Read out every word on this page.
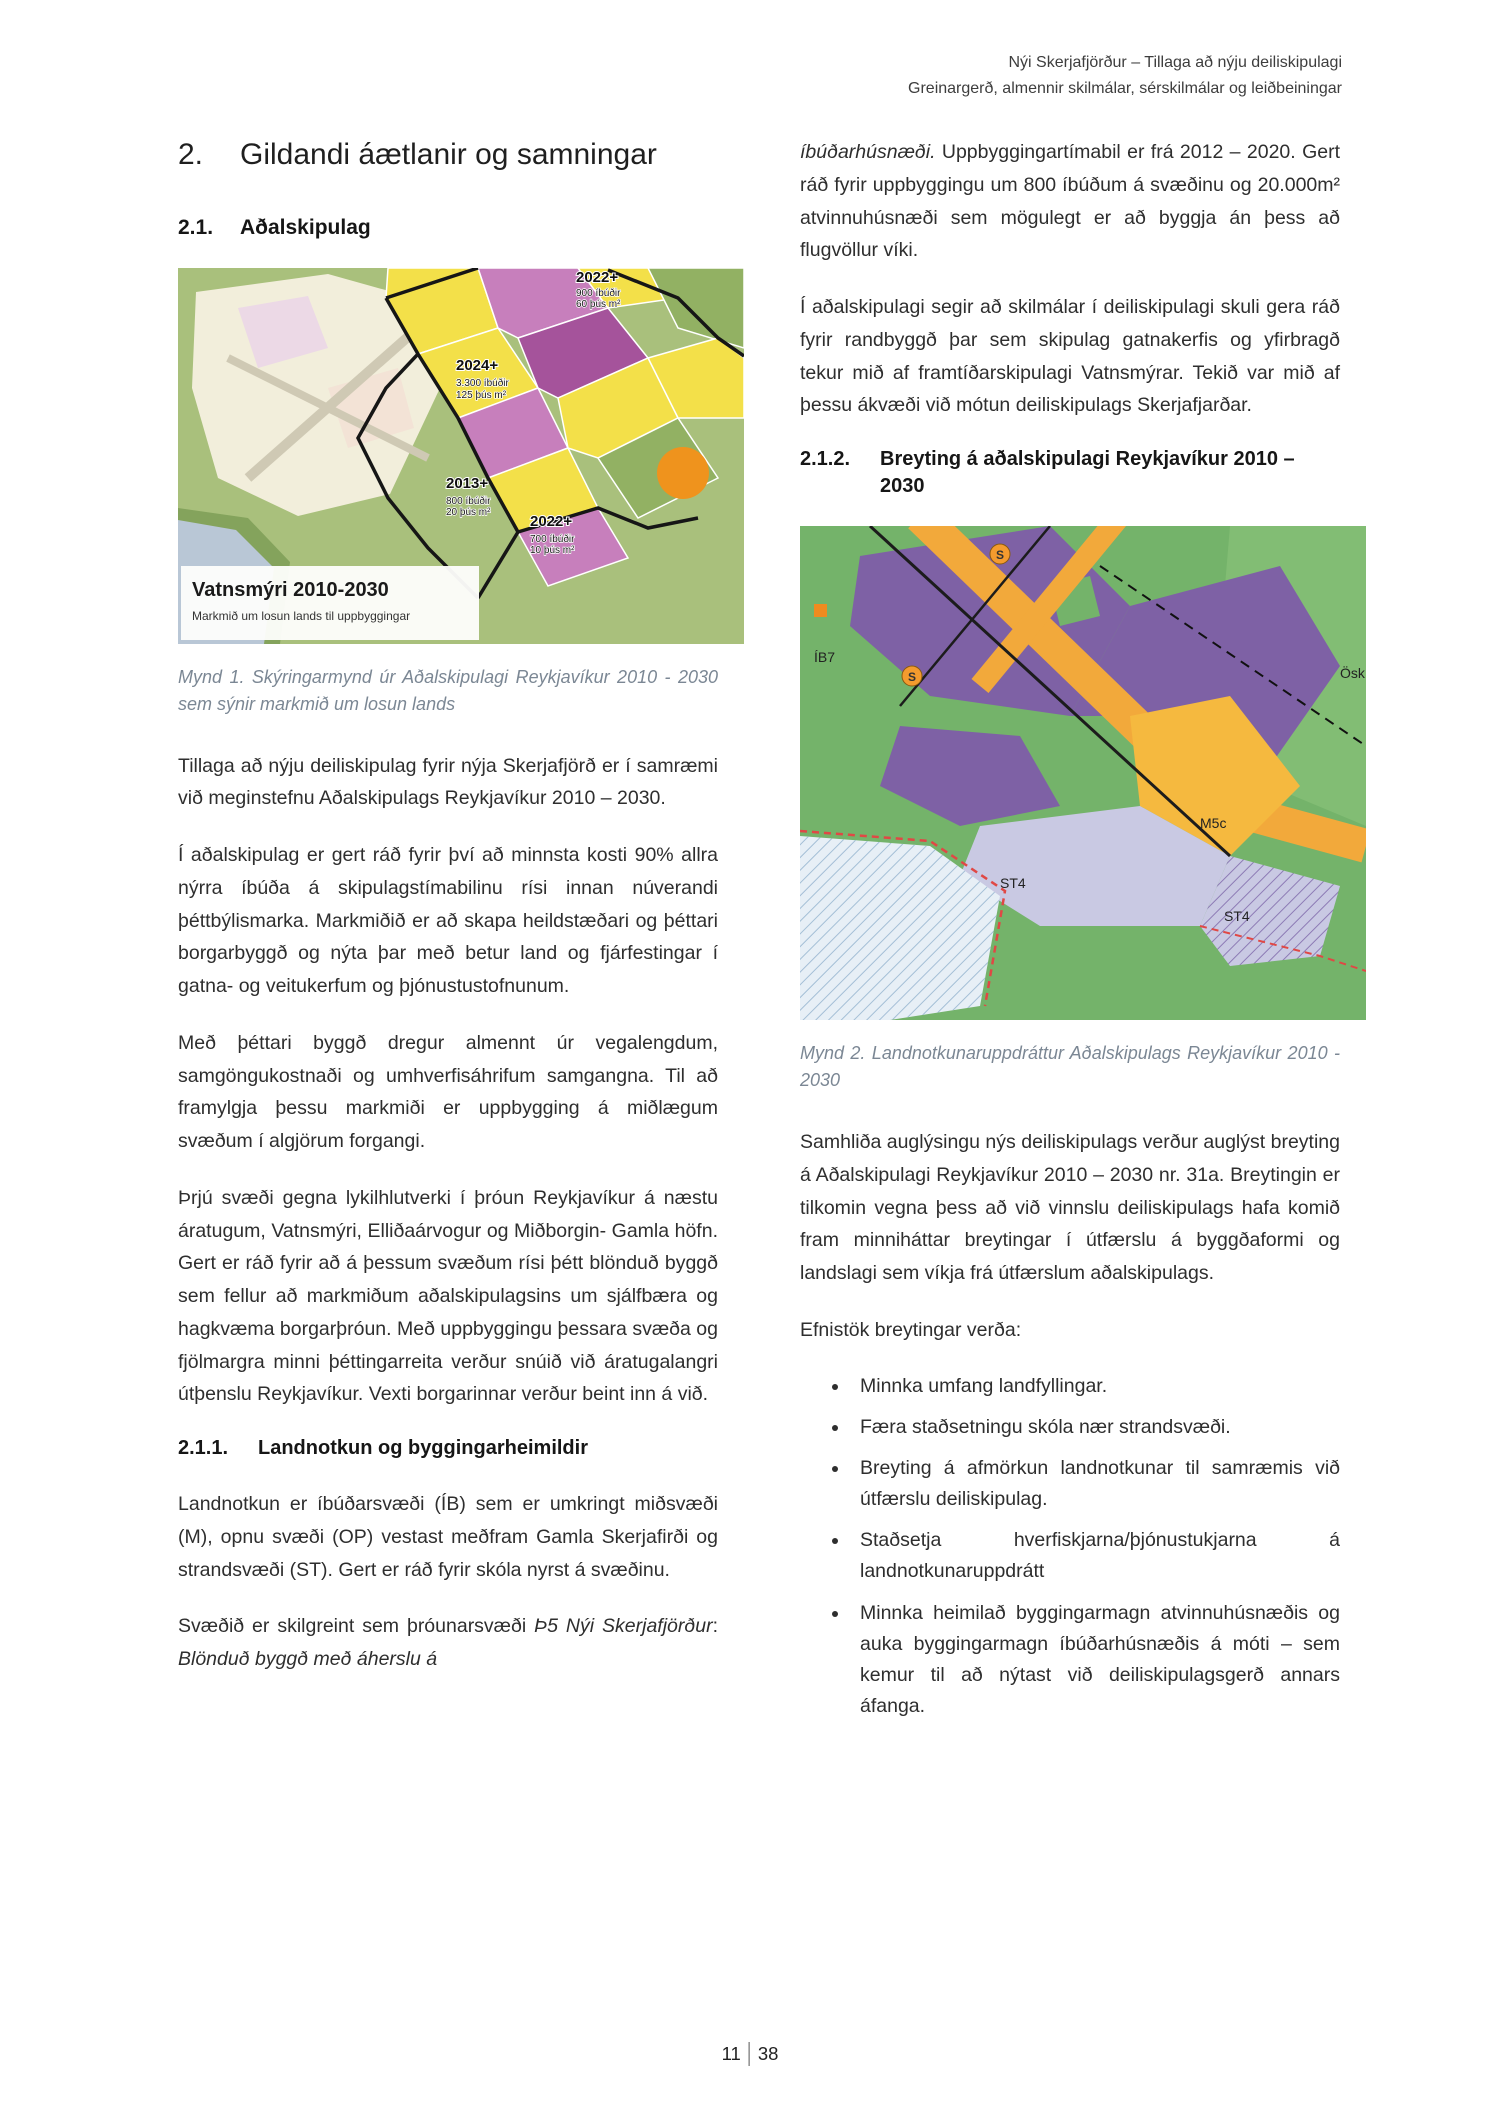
Nýi Skerjafjörður – Tillaga að nýju deiliskipulagi
Greinargerð, almennir skilmálar, sérskilmálar og leiðbeiningar
2. Gildandi áætlanir og samningar
2.1. Aðalskipulag
2022+
900 íbúðir
60 þús m²
2024+
3.300 íbúðir
125 þús m²
2013+
800 íbúðir
20 þús m²
2022+
700 íbúðir
10 þús m²
Vatnsmýri 2010-2030
Markmið um losun lands til uppbyggingar

Mynd 1. Skýringarmynd úr Aðalskipulagi Reykjavíkur 2010 - 2030 sem sýnir markmið um losun lands

Tillaga að nýju deiliskipulag fyrir nýja Skerjafjörð er í samræmi við meginstefnu Aðalskipulags Reykjavíkur 2010 – 2030.

Í aðalskipulag er gert ráð fyrir því að minnsta kosti 90% allra nýrra íbúða á skipulagstímabilinu rísi innan núverandi þéttbýlismarka. Markmiðið er að skapa heildstæðari og þéttari borgarbyggð og nýta þar með betur land og fjárfestingar í gatna- og veitukerfum og þjónustustofnunum.

Með þéttari byggð dregur almennt úr vegalengdum, samgöngukostnaði og umhverfisáhrifum samgangna. Til að framylgja þessu markmiði er uppbygging á miðlægum svæðum í algjörum forgangi.

Þrjú svæði gegna lykilhlutverki í þróun Reykjavíkur á næstu áratugum, Vatnsmýri, Elliðaárvogur og Miðborgin- Gamla höfn. Gert er ráð fyrir að á þessum svæðum rísi þétt blönduð byggð sem fellur að markmiðum aðalskipulagsins um sjálfbæra og hagkvæma borgarþróun. Með uppbyggingu þessara svæða og fjölmargra minni þéttingarreita verður snúið við áratugalangri útþenslu Reykjavíkur. Vexti borgarinnar verður beint inn á við.

2.1.1. Landnotkun og byggingarheimildir

Landnotkun er íbúðarsvæði (ÍB) sem er umkringt miðsvæði (M), opnu svæði (OP) vestast meðfram Gamla Skerjafirði og strandsvæði (ST). Gert er ráð fyrir skóla nyrst á svæðinu.

Svæðið er skilgreint sem þróunarsvæði Þ5 Nýi Skerjafjörður: Blönduð byggð með áherslu á

íbúðarhúsnæði. Uppbyggingartímabil er frá 2012 – 2020. Gert ráð fyrir uppbyggingu um 800 íbúðum á svæðinu og 20.000m² atvinnuhúsnæði sem mögulegt er að byggja án þess að flugvöllur víki.

Í aðalskipulagi segir að skilmálar í deiliskipulagi skuli gera ráð fyrir randbyggð þar sem skipulag gatnakerfis og yfirbragð tekur mið af framtíðarskipulagi Vatnsmýrar. Tekið var mið af þessu ákvæði við mótun deiliskipulags Skerjafjarðar.

2.1.2. Breyting á aðalskipulagi Reykjavíkur 2010 – 2030
S
S
ÍB7
M5c
ST4
ST4
Ösk

Mynd 2. Landnotkunaruppdráttur Aðalskipulags Reykjavíkur 2010 - 2030

Samhliða auglýsingu nýs deiliskipulags verður auglýst breyting á Aðalskipulagi Reykjavíkur 2010 – 2030 nr. 31a. Breytingin er tilkomin vegna þess að við vinnslu deiliskipulags hafa komið fram minniháttar breytingar í útfærslu á byggðaformi og landslagi sem víkja frá útfærslum aðalskipulags.

Efnistök breytingar verða:

• Minnka umfang landfyllingar.
• Færa staðsetningu skóla nær strandsvæði.
• Breyting á afmörkun landnotkunar til samræmis við útfærslu deiliskipulag.
• Staðsetja hverfiskjarna/þjónustukjarna á landnotkunaruppdrátt
• Minnka heimilað byggingarmagn atvinnuhúsnæðis og auka byggingarmagn íbúðarhúsnæðis á móti – sem kemur til að nýtast við deiliskipulagsgerð annars áfanga.
11 38
